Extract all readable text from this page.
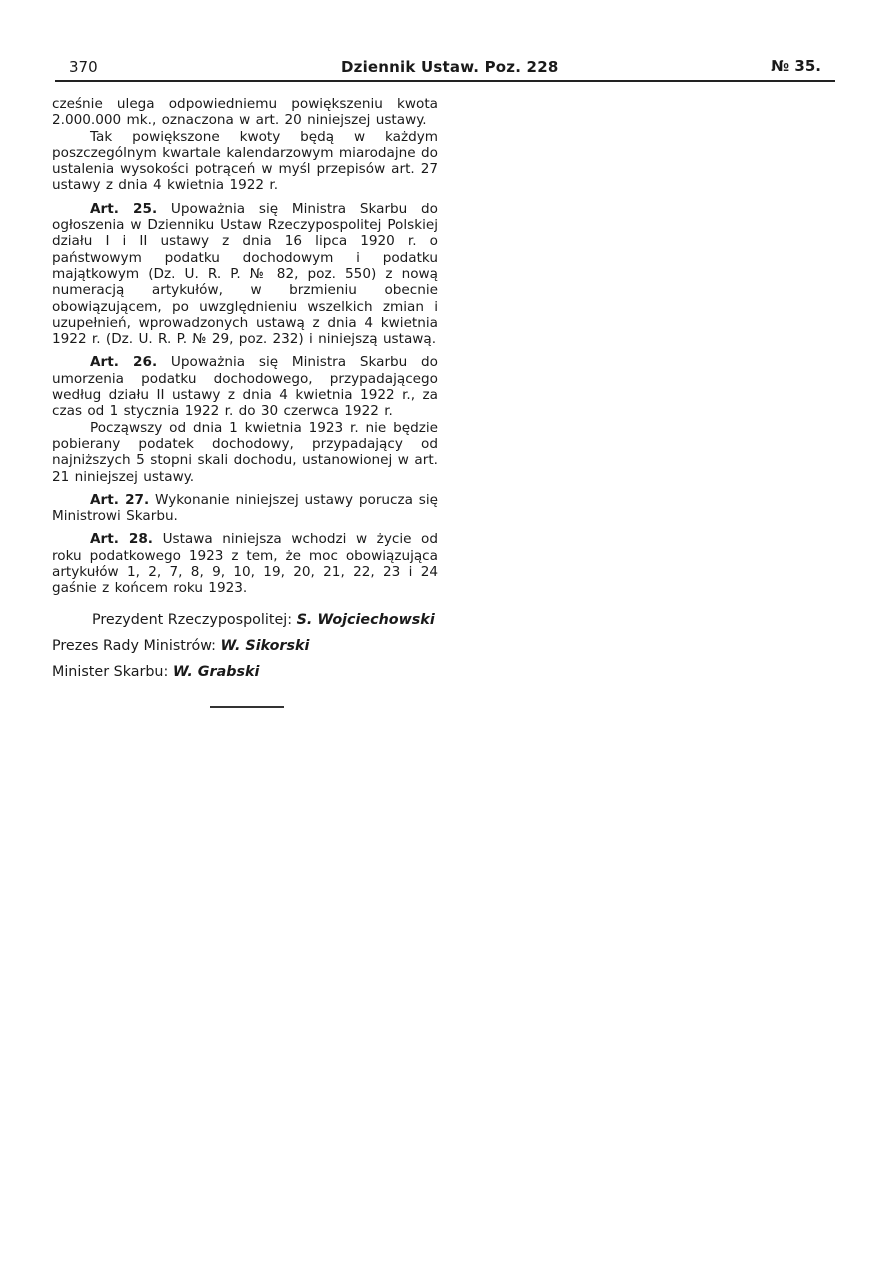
370	Dziennik Ustaw. Poz. 228	№ 35.

cześnie ulega odpowiedniemu powiększeniu kwota 2.000.000 mk., oznaczona w art. 20 niniejszej ustawy.

Tak powiększone kwoty będą w każdym poszczególnym kwartale kalendarzowym miarodajne do ustalenia wysokości potrąceń w myśl przepisów art. 27 ustawy z dnia 4 kwietnia 1922 r.

Art. 25. Upoważnia się Ministra Skarbu do ogłoszenia w Dzienniku Ustaw Rzeczypospolitej Polskiej działu I i II ustawy z dnia 16 lipca 1920 r. o państwowym podatku dochodowym i podatku majątkowym (Dz. U. R. P. № 82, poz. 550) z nową numeracją artykułów, w brzmieniu obecnie obowiązującem, po uwzględnieniu wszelkich zmian i uzupełnień, wprowadzonych ustawą z dnia 4 kwietnia 1922 r. (Dz. U. R. P. № 29, poz. 232) i niniejszą ustawą.

Art. 26. Upoważnia się Ministra Skarbu do umorzenia podatku dochodowego, przypadającego według działu II ustawy z dnia 4 kwietnia 1922 r., za czas od 1 stycznia 1922 r. do 30 czerwca 1922 r.

Począwszy od dnia 1 kwietnia 1923 r. nie będzie pobierany podatek dochodowy, przypadający od najniższych 5 stopni skali dochodu, ustanowionej w art. 21 niniejszej ustawy.

Art. 27. Wykonanie niniejszej ustawy porucza się Ministrowi Skarbu.

Art. 28. Ustawa niniejsza wchodzi w życie od roku podatkowego 1923 z tem, że moc obowiązująca artykułów 1, 2, 7, 8, 9, 10, 19, 20, 21, 22, 23 i 24 gaśnie z końcem roku 1923.

Prezydent Rzeczypospolitej: S. Wojciechowski

Prezes Rady Ministrów: W. Sikorski

Minister Skarbu: W. Grabski
